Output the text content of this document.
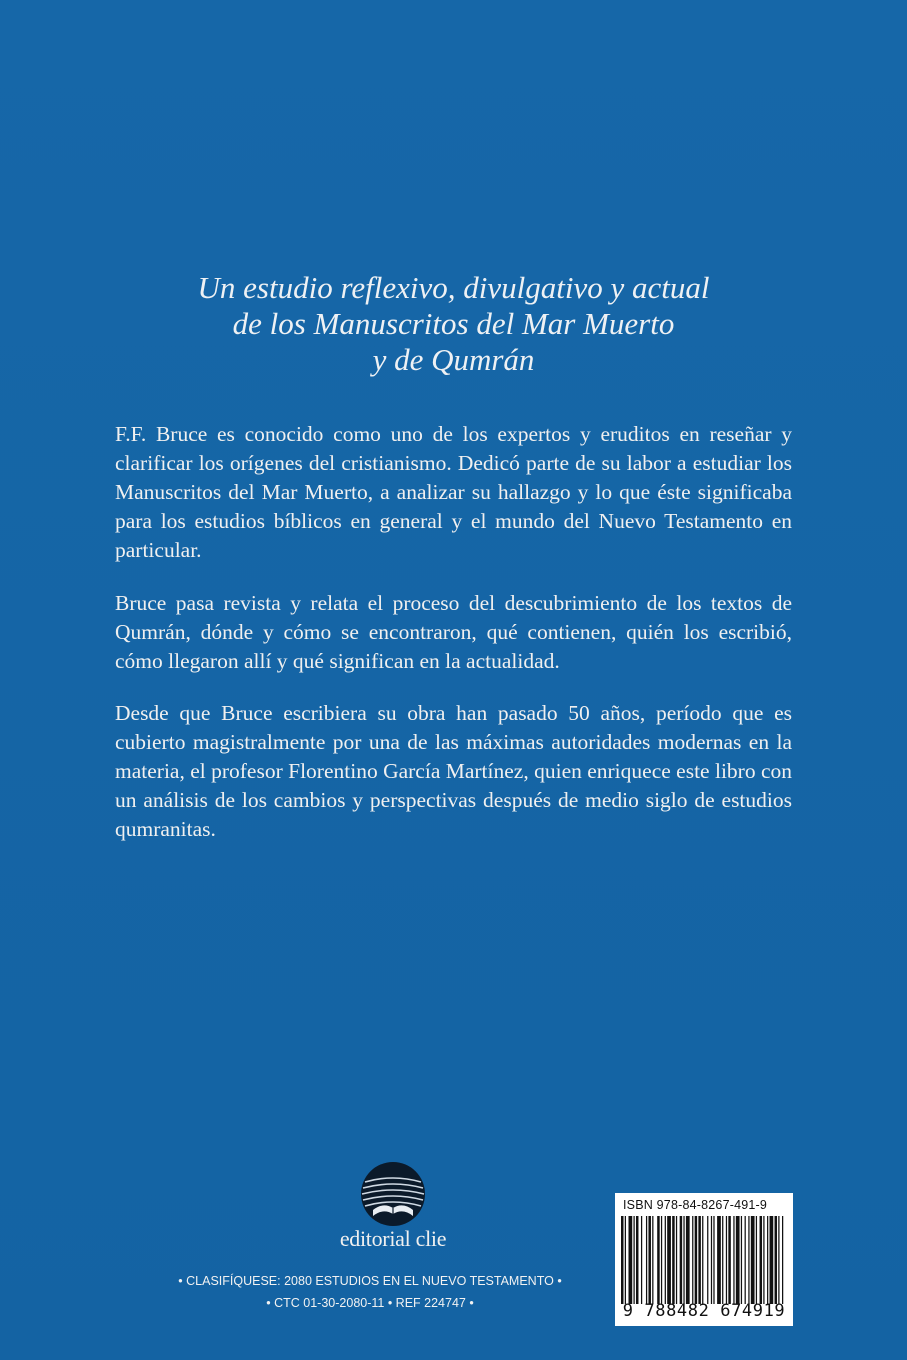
Un estudio reflexivo, divulgativo y actual
de los Manuscritos del Mar Muerto
y de Qumrán

F.F. Bruce es conocido como uno de los expertos y eruditos en reseñar y clarificar los orígenes del cristianismo. Dedicó parte de su labor a estudiar los Manuscritos del Mar Muerto, a analizar su hallazgo y lo que éste significaba para los estudios bíblicos en general y el mundo del Nuevo Testamento en particular.

Bruce pasa revista y relata el proceso del descubrimiento de los textos de Qumrán, dónde y cómo se encontraron, qué contienen, quién los escribió, cómo llegaron allí y qué significan en la actualidad.

Desde que Bruce escribiera su obra han pasado 50 años, período que es cubierto magistralmente por una de las máximas autoridades modernas en la materia, el profesor Florentino García Martínez, quien enriquece este libro con un análisis de los cambios y perspectivas después de medio siglo de estudios qumranitas.

editorial clie
• CLASIFÍQUESE: 2080 ESTUDIOS EN EL NUEVO TESTAMENTO •
• CTC 01-30-2080-11 • REF 224747 •
ISBN 978-84-8267-491-9
9 788482 674919
